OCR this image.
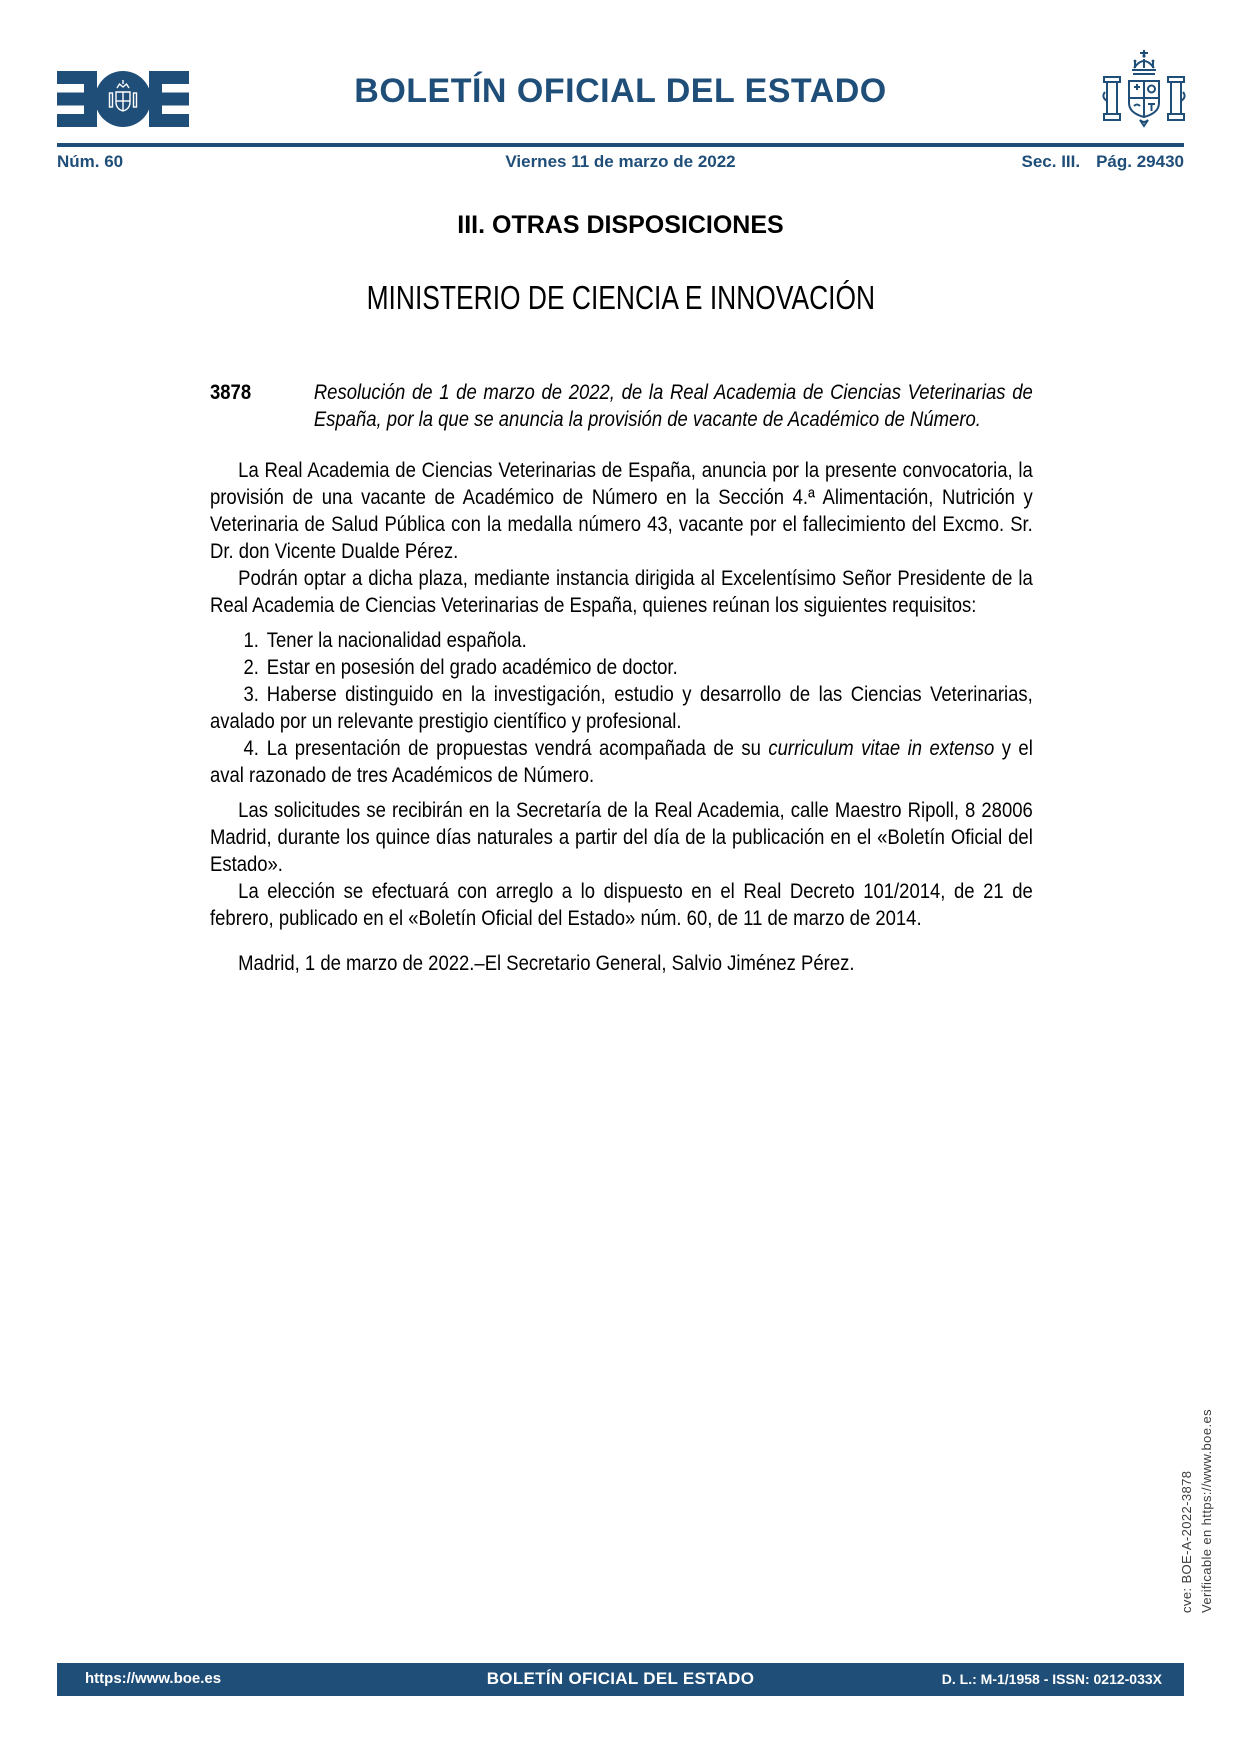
BOLETÍN OFICIAL DEL ESTADO
Núm. 60	Viernes 11 de marzo de 2022	Sec. III. Pág. 29430
III. OTRAS DISPOSICIONES
MINISTERIO DE CIENCIA E INNOVACIÓN
3878	Resolución de 1 de marzo de 2022, de la Real Academia de Ciencias Veterinarias de España, por la que se anuncia la provisión de vacante de Académico de Número.

La Real Academia de Ciencias Veterinarias de España, anuncia por la presente convocatoria, la provisión de una vacante de Académico de Número en la Sección 4.ª Alimentación, Nutrición y Veterinaria de Salud Pública con la medalla número 43, vacante por el fallecimiento del Excmo. Sr. Dr. don Vicente Dualde Pérez.

Podrán optar a dicha plaza, mediante instancia dirigida al Excelentísimo Señor Presidente de la Real Academia de Ciencias Veterinarias de España, quienes reúnan los siguientes requisitos:

1. Tener la nacionalidad española.

2. Estar en posesión del grado académico de doctor.

3. Haberse distinguido en la investigación, estudio y desarrollo de las Ciencias Veterinarias, avalado por un relevante prestigio científico y profesional.

4. La presentación de propuestas vendrá acompañada de su curriculum vitae in extenso y el aval razonado de tres Académicos de Número.

Las solicitudes se recibirán en la Secretaría de la Real Academia, calle Maestro Ripoll, 8 28006 Madrid, durante los quince días naturales a partir del día de la publicación en el «Boletín Oficial del Estado».

La elección se efectuará con arreglo a lo dispuesto en el Real Decreto 101/2014, de 21 de febrero, publicado en el «Boletín Oficial del Estado» núm. 60, de 11 de marzo de 2014.

Madrid, 1 de marzo de 2022.–El Secretario General, Salvio Jiménez Pérez.

cve: BOE-A-2022-3878 Verificable en https://www.boe.es
https://www.boe.es	BOLETÍN OFICIAL DEL ESTADO	D. L.: M-1/1958 - ISSN: 0212-033X
